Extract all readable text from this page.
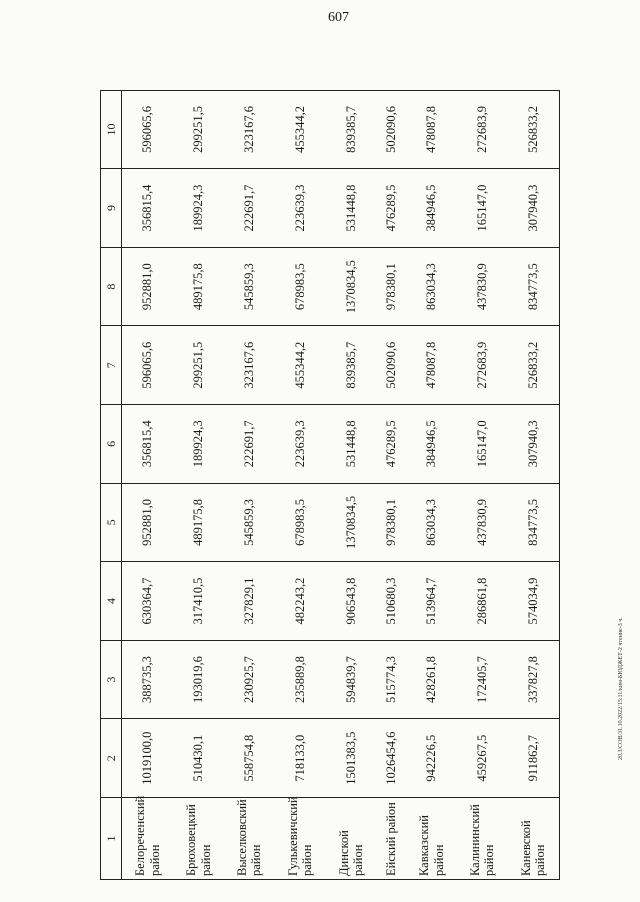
607
20.3/СОВ/31.10.2022/15:11/кнм-БЮДЖЕТ-2 чтение-3 ч.
1	2	3	4	5	6	7	8	9	10
Белореченский район	1019100,0	388735,3	630364,7	952881,0	356815,4	596065,6	952881,0	356815,4	596065,6
Брюховецкий район	510430,1	193019,6	317410,5	489175,8	189924,3	299251,5	489175,8	189924,3	299251,5
Выселковский район	558754,8	230925,7	327829,1	545859,3	222691,7	323167,6	545859,3	222691,7	323167,6
Гулькевичский район	718133,0	235889,8	482243,2	678983,5	223639,3	455344,2	678983,5	223639,3	455344,2
Динской район	1501383,5	594839,7	906543,8	1370834,5	531448,8	839385,7	1370834,5	531448,8	839385,7
Ейский район	1026454,6	515774,3	510680,3	978380,1	476289,5	502090,6	978380,1	476289,5	502090,6
Кавказский район	942226,5	428261,8	513964,7	863034,3	384946,5	478087,8	863034,3	384946,5	478087,8
Калининский район	459267,5	172405,7	286861,8	437830,9	165147,0	272683,9	437830,9	165147,0	272683,9
Каневской район	911862,7	337827,8	574034,9	834773,5	307940,3	526833,2	834773,5	307940,3	526833,2
